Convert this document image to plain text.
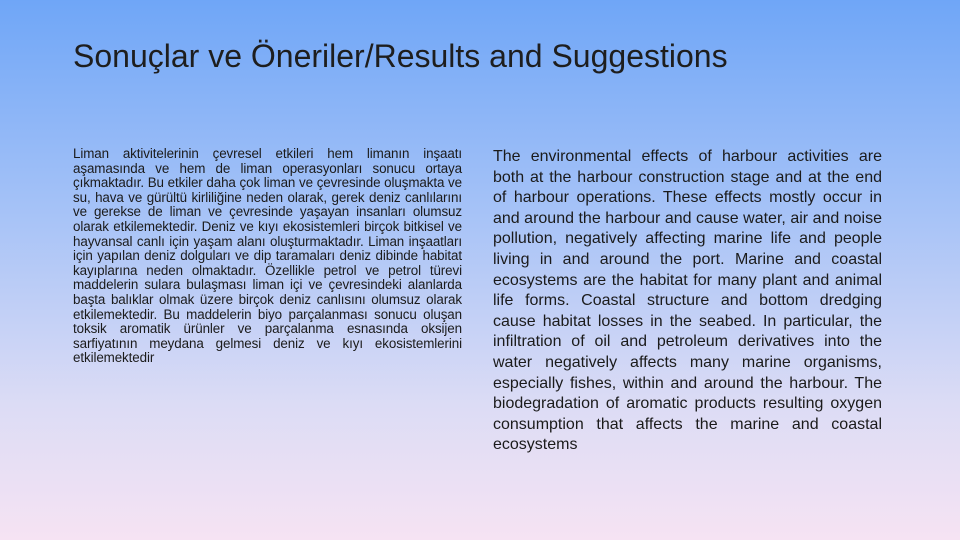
Sonuçlar ve Öneriler/Results and Suggestions

Liman aktivitelerinin çevresel etkileri hem limanın inşaatı aşamasında ve hem de liman operasyonları sonucu ortaya çıkmaktadır. Bu etkiler daha çok liman ve çevresinde oluşmakta ve su, hava ve gürültü kirliliğine neden olarak, gerek deniz canlılarını ve gerekse de liman ve çevresinde yaşayan insanları olumsuz olarak etkilemektedir. Deniz ve kıyı ekosistemleri birçok bitkisel ve hayvansal canlı için yaşam alanı oluşturmaktadır. Liman inşaatları için yapılan deniz dolguları ve dip taramaları deniz dibinde habitat kayıplarına neden olmaktadır. Özellikle petrol ve petrol türevi maddelerin sulara bulaşması liman içi ve çevresindeki alanlarda başta balıklar olmak üzere birçok deniz canlısını olumsuz olarak etkilemektedir. Bu maddelerin biyo parçalanması sonucu oluşan toksik aromatik ürünler ve parçalanma esnasında oksijen sarfiyatının meydana gelmesi deniz ve kıyı ekosistemlerini etkilemektedir

The environmental effects of harbour activities are both at the harbour construction stage and at the end of harbour operations. These effects mostly occur in and around the harbour and cause water, air and noise pollution, negatively affecting marine life and people living in and around the port. Marine and coastal ecosystems are the habitat for many plant and animal life forms. Coastal structure and bottom dredging cause habitat losses in the seabed. In particular, the infiltration of oil and petroleum derivatives into the water negatively affects many marine organisms, especially fishes, within and around the harbour. The biodegradation of aromatic products resulting oxygen consumption that affects the marine and coastal ecosystems
